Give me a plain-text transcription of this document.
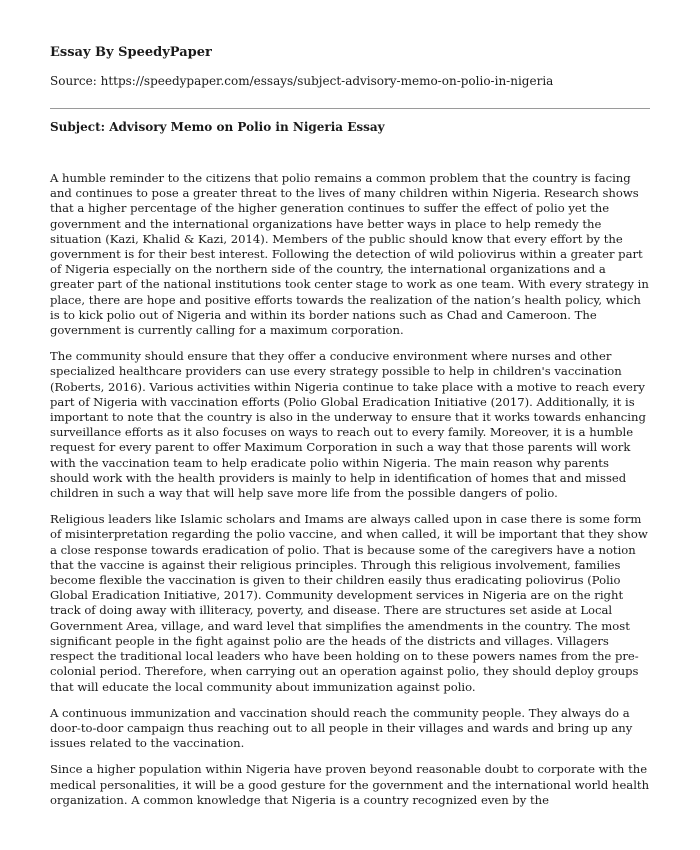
Essay By SpeedyPaper

Source: https://speedypaper.com/essays/subject-advisory-memo-on-polio-in-nigeria

Subject: Advisory Memo on Polio in Nigeria Essay

A humble reminder to the citizens that polio remains a common problem that the country is facing and continues to pose a greater threat to the lives of many children within Nigeria. Research shows that a higher percentage of the higher generation continues to suffer the effect of polio yet the government and the international organizations have better ways in place to help remedy the situation (Kazi, Khalid & Kazi, 2014). Members of the public should know that every effort by the government is for their best interest. Following the detection of wild poliovirus within a greater part of Nigeria especially on the northern side of the country, the international organizations and a greater part of the national institutions took center stage to work as one team. With every strategy in place, there are hope and positive efforts towards the realization of the nation’s health policy, which is to kick polio out of Nigeria and within its border nations such as Chad and Cameroon. The government is currently calling for a maximum corporation.

The community should ensure that they offer a conducive environment where nurses and other specialized healthcare providers can use every strategy possible to help in children's vaccination (Roberts, 2016). Various activities within Nigeria continue to take place with a motive to reach every part of Nigeria with vaccination efforts (Polio Global Eradication Initiative (2017). Additionally, it is important to note that the country is also in the underway to ensure that it works towards enhancing surveillance efforts as it also focuses on ways to reach out to every family. Moreover, it is a humble request for every parent to offer Maximum Corporation in such a way that those parents will work with the vaccination team to help eradicate polio within Nigeria. The main reason why parents should work with the health providers is mainly to help in identification of homes that and missed children in such a way that will help save more life from the possible dangers of polio.

Religious leaders like Islamic scholars and Imams are always called upon in case there is some form of misinterpretation regarding the polio vaccine, and when called, it will be important that they show a close response towards eradication of polio. That is because some of the caregivers have a notion that the vaccine is against their religious principles. Through this religious involvement, families become flexible the vaccination is given to their children easily thus eradicating poliovirus (Polio Global Eradication Initiative, 2017). Community development services in Nigeria are on the right track of doing away with illiteracy, poverty, and disease. There are structures set aside at Local Government Area, village, and ward level that simplifies the amendments in the country. The most significant people in the fight against polio are the heads of the districts and villages. Villagers respect the traditional local leaders who have been holding on to these powers names from the pre-colonial period. Therefore, when carrying out an operation against polio, they should deploy groups that will educate the local community about immunization against polio.

A continuous immunization and vaccination should reach the community people. They always do a door-to-door campaign thus reaching out to all people in their villages and wards and bring up any issues related to the vaccination.

Since a higher population within Nigeria have proven beyond reasonable doubt to corporate with the medical personalities, it will be a good gesture for the government and the international world health organization. A common knowledge that Nigeria is a country recognized even by the
